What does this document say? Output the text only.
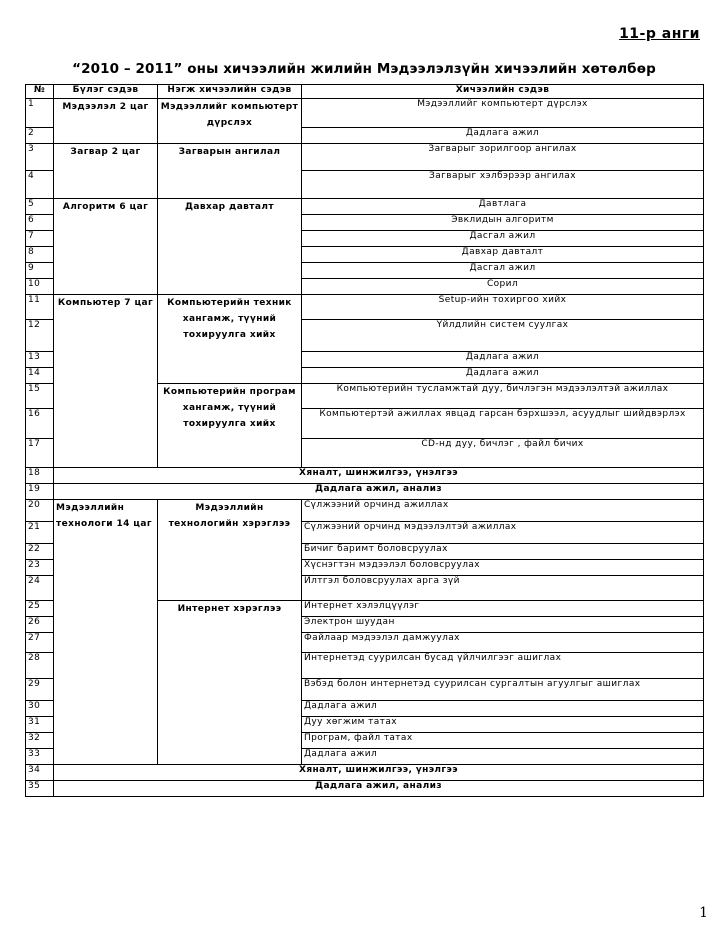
11-р анги
“2010 – 2011” оны хичээлийн жилийн Мэдээлэлзүйн хичээлийн хөтөлбөр
№	Бүлэг сэдэв	Нэгж хичээлийн сэдэв	Хичээлийн сэдэв
1	Мэдээлэл 2 цаг	Мэдээллийг компьютерт дүрслэх	Мэдээллийг компьютерт дүрслэх
2			Дадлага ажил
3	Загвар 2 цаг	Загварын ангилал	Загварыг зорилгоор ангилах
4			Загварыг хэлбэрээр ангилах
5	Алгоритм 6 цаг	Давхар давталт	Давтлага
6			Эвклидын алгоритм
7			Дасгал ажил
8			Давхар давталт
9			Дасгал ажил
10			Сорил
11	Компьютер 7 цаг	Компьютерийн техник хангамж, түүний тохируулга хийх	Setup-ийн тохиргоо хийх
12			Үйлдлийн систем суулгах
13			Дадлага ажил
14			Дадлага ажил
15		Компьютерийн програм хангамж, түүний тохируулга хийх	Компьютерийн тусламжтай дуу, бичлэгэн мэдээлэлтэй ажиллах
16			Компьютертэй ажиллах явцад гарсан бэрхшээл, асуудлыг шийдвэрлэх
17			CD-нд дуу, бичлэг , файл бичих
18	Хяналт, шинжилгээ, үнэлгээ		
19	Дадлага ажил, анализ		
20	Мэдээллийн технологи 14 цаг	Мэдээллийн технологийн хэрэглээ	Сүлжээний орчинд ажиллах
21			Сүлжээний орчинд мэдээлэлтэй ажиллах
22			Бичиг баримт боловсруулах
23			Хүснэгтэн мэдээлэл боловсруулах
24			Илтгэл боловсруулах арга зүй
25		Интернет хэрэглээ	Интернет хэлэлцүүлэг
26			Электрон шуудан
27			Файлаар мэдээлэл дамжуулах
28			Интернетэд суурилсан бусад үйлчилгээг ашиглах
29			Вэбэд болон интернетэд суурилсан сургалтын агуулгыг ашиглах
30			Дадлага ажил
31			Дуу хөгжим татах
32			Програм, файл татах
33			Дадлага ажил
34	Хяналт, шинжилгээ, үнэлгээ		
35	Дадлага ажил, анализ		
1
